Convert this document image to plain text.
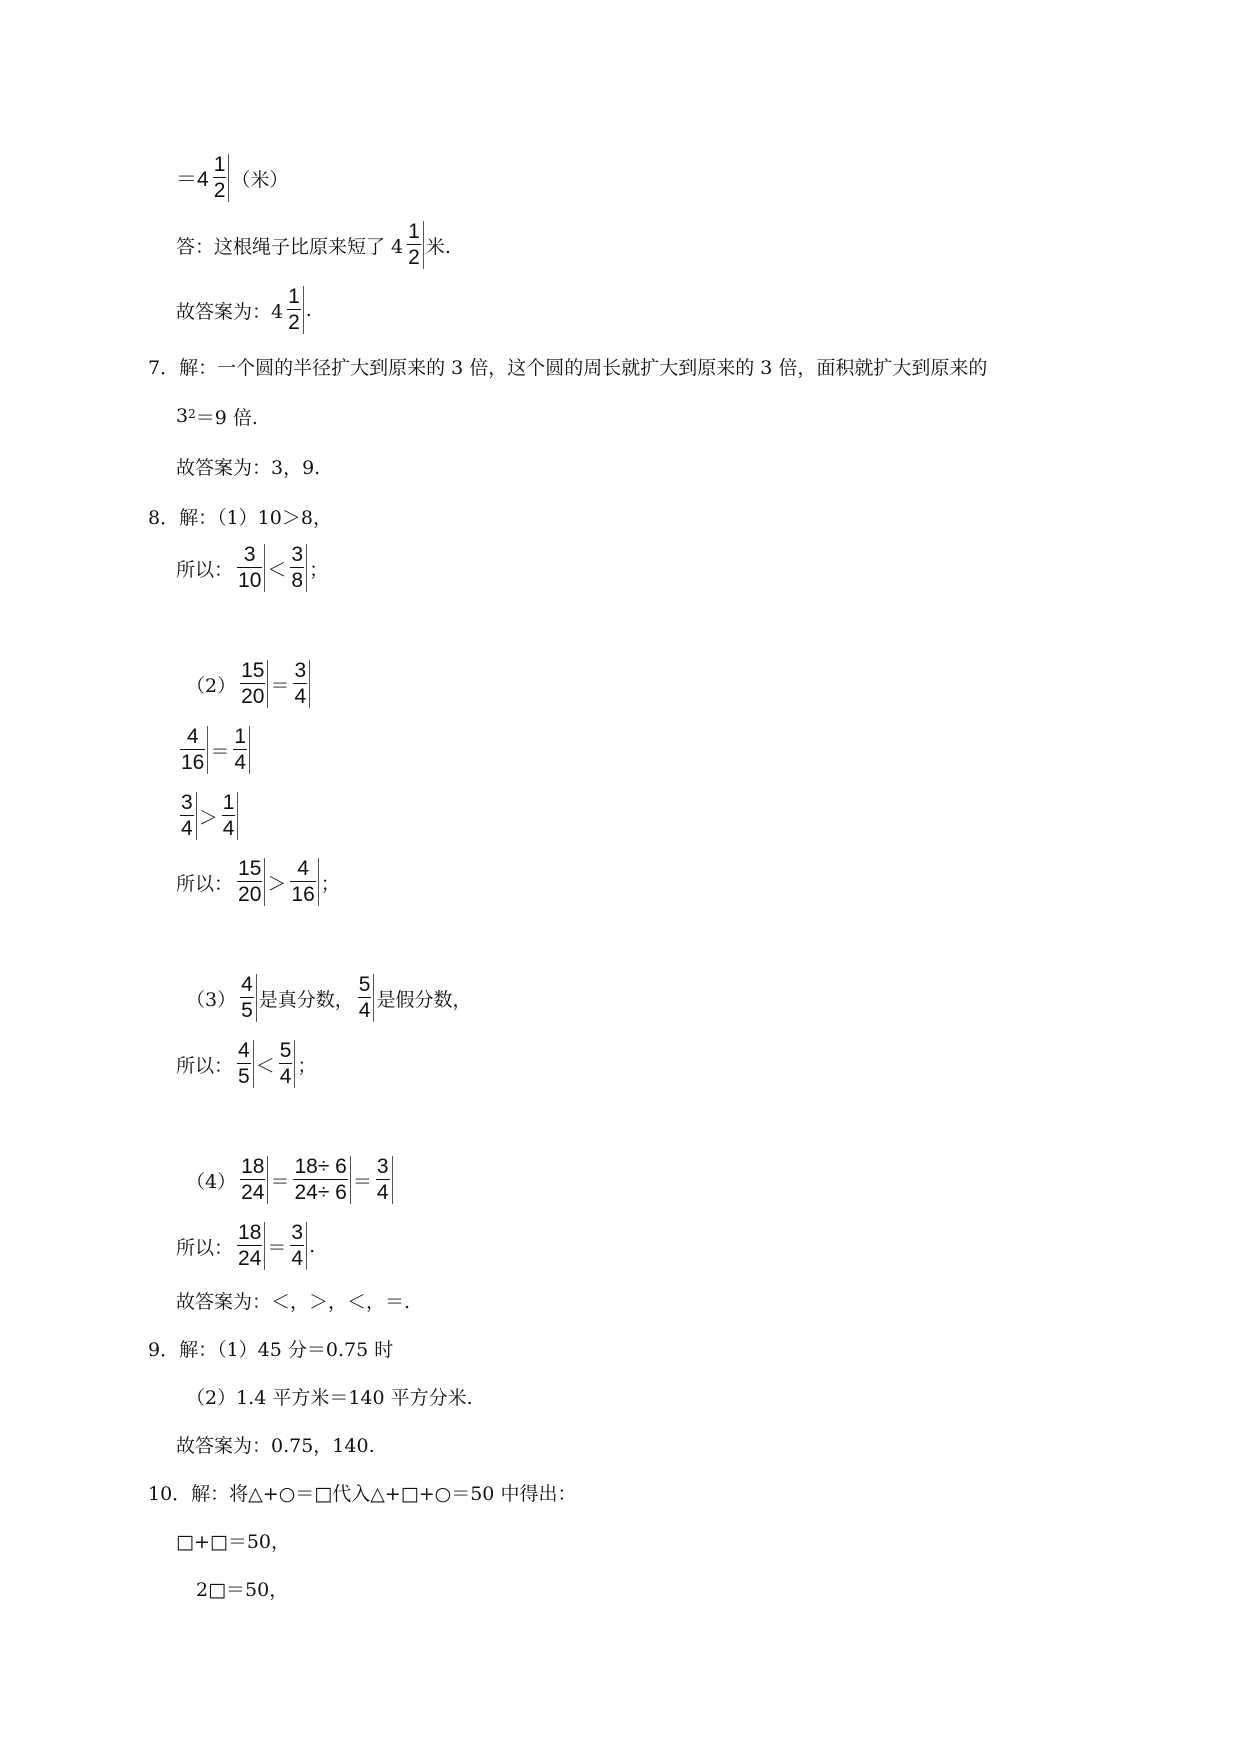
$=4 \frac{1}{2}$ （米）
答：这根绳子比原来短了 $4 \frac{1}{2}$ 米.
故答案为：$4 \frac{1}{2}$ .
7．解：一个圆的半径扩大到原来的 3 倍，这个圆的周长就扩大到原来的 3 倍，面积就扩大到原来的
$3^2 =9$ 倍.
故答案为：3，9.
8．解：（1）10＞8，
所以： $\frac{3}{10} < \frac{3}{8}$ ；
$(2) \frac{15}{20} = \frac{3}{4}$
$\frac{4}{16} = \frac{1}{4}$
$\frac{3}{4} > \frac{1}{4}$
所以： $\frac{15}{20} > \frac{4}{16}$ ；
$(3) \frac{4}{5}$ 是真分数， $\frac{5}{4}$ 是假分数，
所以： $\frac{4}{5} < \frac{5}{4}$ ；
$(4) \frac{18}{24} = \frac{18\div 6}{24\div 6} = \frac{3}{4}$
所以： $\frac{18}{24} = \frac{3}{4}$ .
故答案为：＜，＞，＜，＝.
9．解：（1）45 分＝0.75 时
（2）1.4 平方米＝140 平方分米.
故答案为：0.75，140.
10．解：将△+○＝□代入△+□+○＝50 中得出：
□+□＝50，
2□＝50，
